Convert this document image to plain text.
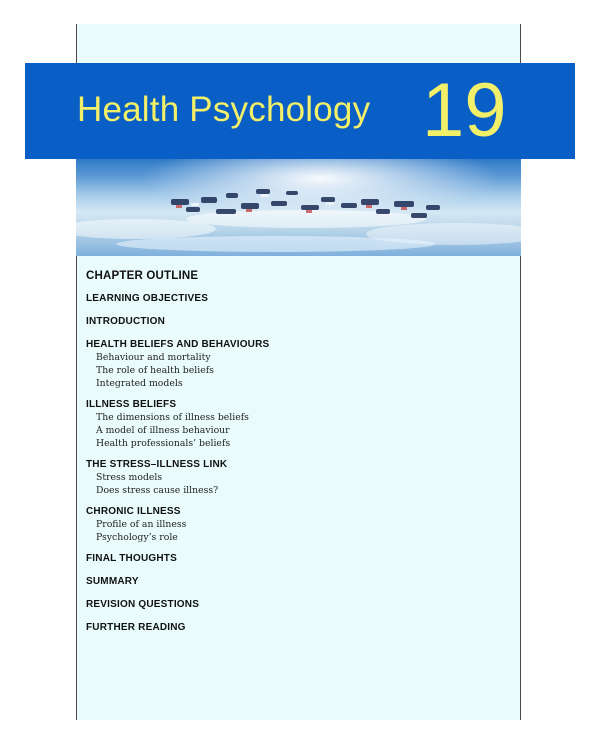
Health Psychology 19
CHAPTER OUTLINE
LEARNING OBJECTIVES
INTRODUCTION
HEALTH BELIEFS AND BEHAVIOURS
Behaviour and mortality
The role of health beliefs
Integrated models
ILLNESS BELIEFS
The dimensions of illness beliefs
A model of illness behaviour
Health professionals’ beliefs
THE STRESS–ILLNESS LINK
Stress models
Does stress cause illness?
CHRONIC ILLNESS
Profile of an illness
Psychology’s role
FINAL THOUGHTS
SUMMARY
REVISION QUESTIONS
FURTHER READING
